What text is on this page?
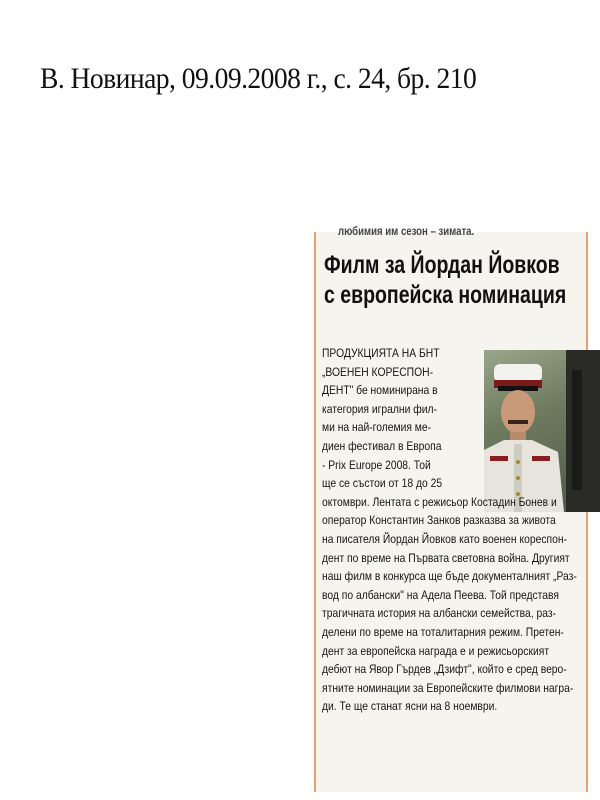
В. Новинар, 09.09.2008 г., с. 24, бр. 210
любимия им сезон – зимата.
Филм за Йордан Йовков
с европейска номинация
ПРОДУКЦИЯТА НА БНТ
„ВОЕНЕН КОРЕСПОН-
ДЕНТ" бе номинирана в
категория игрални фил-
ми на най-големия ме-
диен фестивал в Европа
- Prix Europe 2008. Той
ще се състои от 18 до 25
октомври. Лентата с режисьор Костадин Бонев и
оператор Константин Занков разказва за живота
на писателя Йордан Йовков като военен кореспон-
дент по време на Първата световна война. Другият
наш филм в конкурса ще бъде документалният „Раз-
вод по албански" на Адела Пеева. Той представя
трагичната история на албански семейства, раз-
делени по време на тоталитарния режим. Претен-
дент за европейска награда е и режисьорският
дебют на Явор Гърдев „Дзифт", който е сред веро-
ятните номинации за Европейските филмови награ-
ди. Те ще станат ясни на 8 ноември.
